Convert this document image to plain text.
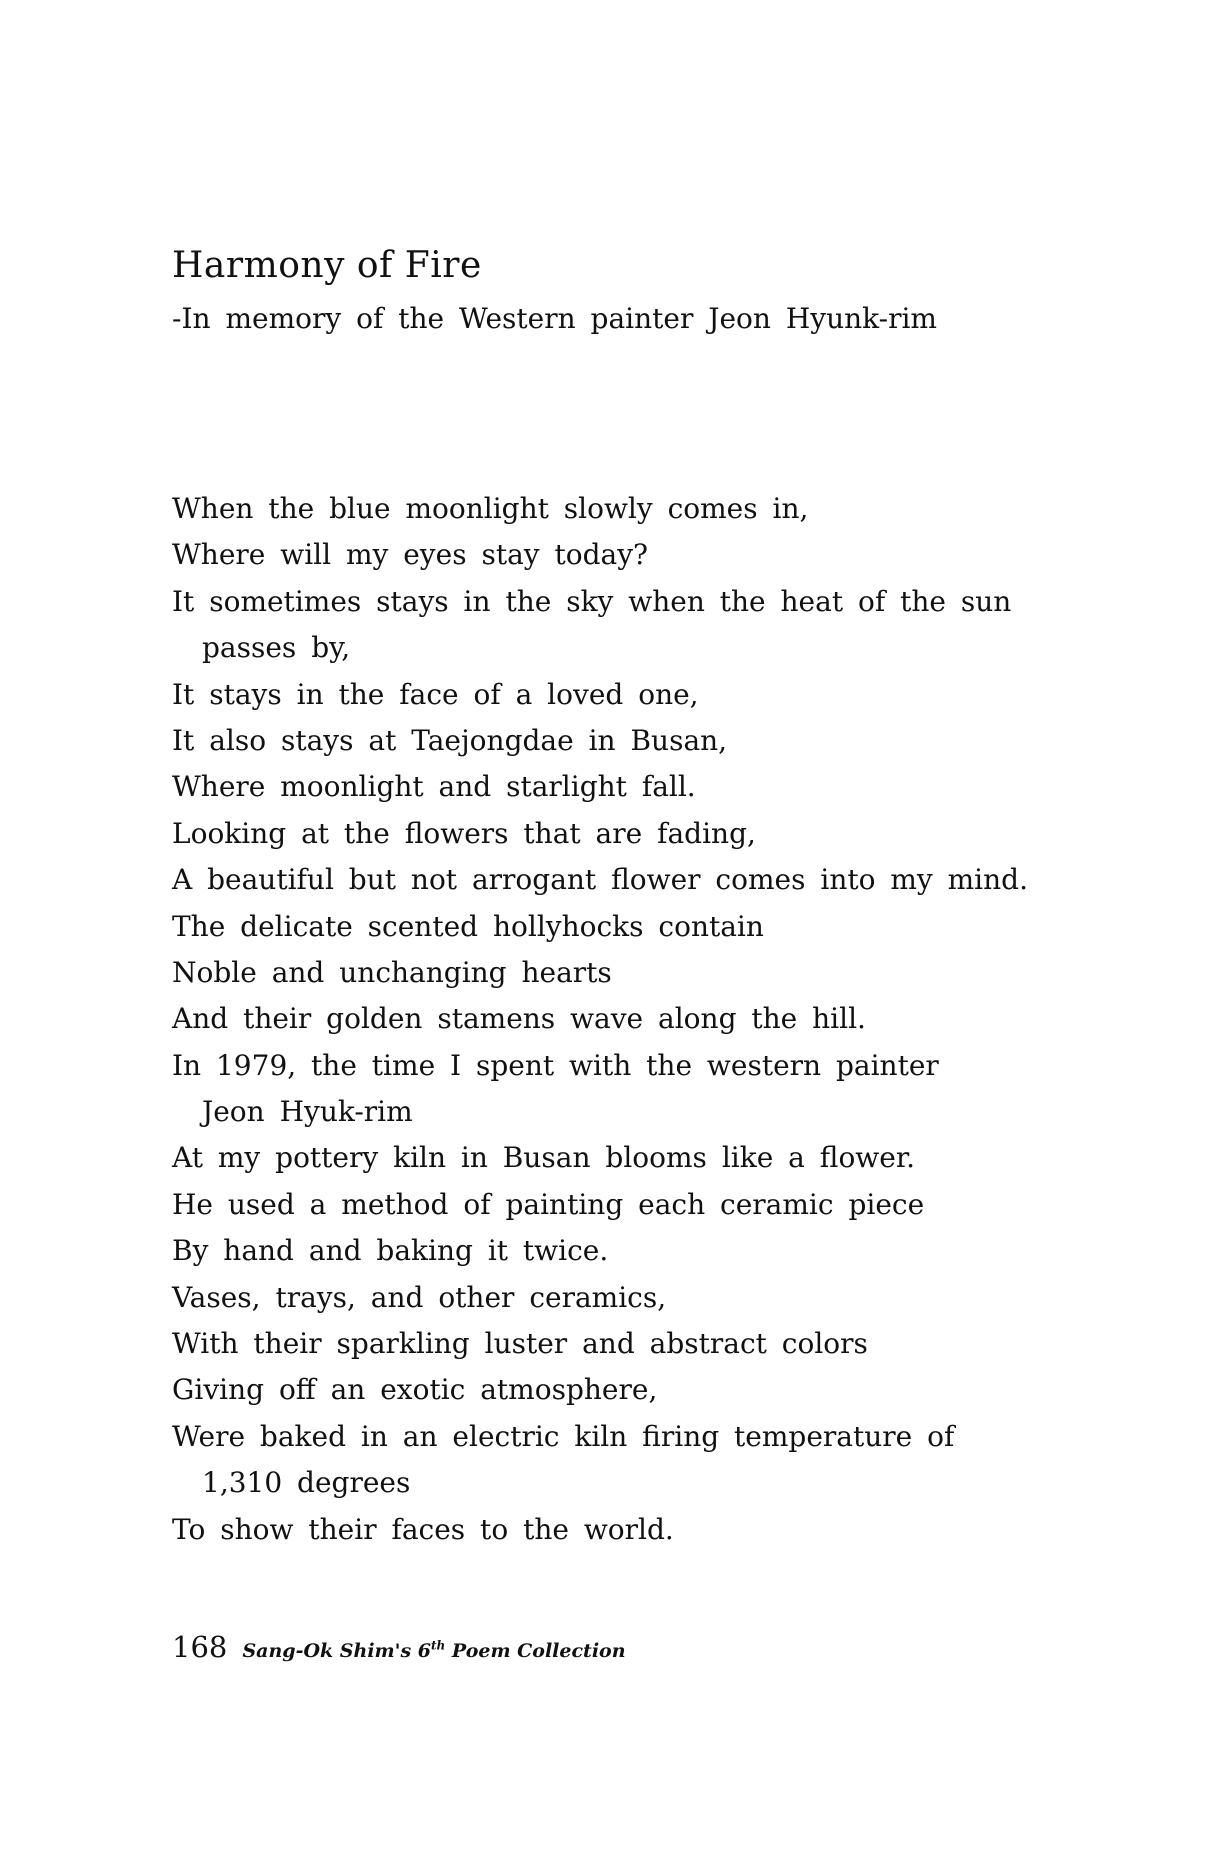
Harmony of Fire
-In memory of the Western painter Jeon Hyunk-rim
When the blue moonlight slowly comes in,
Where will my eyes stay today?
It sometimes stays in the sky when the heat of the sun
passes by,
It stays in the face of a loved one,
It also stays at Taejongdae in Busan,
Where moonlight and starlight fall.
Looking at the flowers that are fading,
A beautiful but not arrogant flower comes into my mind.
The delicate scented hollyhocks contain
Noble and unchanging hearts
And their golden stamens wave along the hill.
In 1979, the time I spent with the western painter
Jeon Hyuk-rim
At my pottery kiln in Busan blooms like a flower.
He used a method of painting each ceramic piece
By hand and baking it twice.
Vases, trays, and other ceramics,
With their sparkling luster and abstract colors
Giving off an exotic atmosphere,
Were baked in an electric kiln firing temperature of
1,310 degrees
To show their faces to the world.
168 Sang-Ok Shim's 6th Poem Collection
